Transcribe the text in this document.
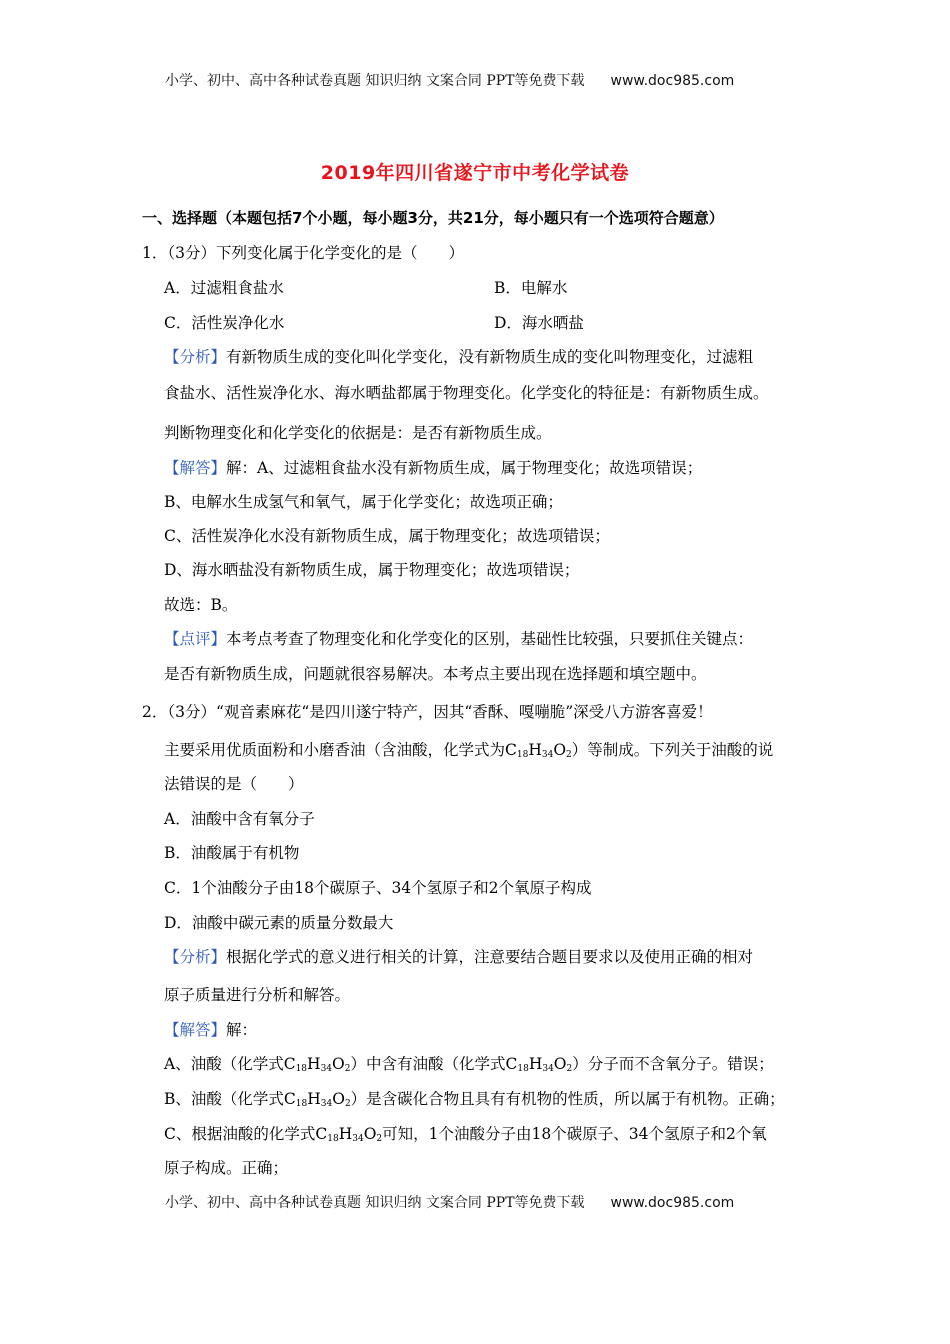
小学、初中、高中各种试卷真题 知识归纳 文案合同 PPT等免费下载 www.doc985.com
2019年四川省遂宁市中考化学试卷
一、选择题（本题包括7个小题，每小题3分，共21分，每小题只有一个选项符合题意）
1．（3分）下列变化属于化学变化的是（　　）
A．过滤粗食盐水	B．电解水
C．活性炭净化水	D．海水晒盐
【分析】有新物质生成的变化叫化学变化，没有新物质生成的变化叫物理变化，过滤粗
食盐水、活性炭净化水、海水晒盐都属于物理变化。化学变化的特征是：有新物质生成。
判断物理变化和化学变化的依据是：是否有新物质生成。
【解答】解：A、过滤粗食盐水没有新物质生成，属于物理变化；故选项错误；
B、电解水生成氢气和氧气，属于化学变化；故选项正确；
C、活性炭净化水没有新物质生成，属于物理变化；故选项错误；
D、海水晒盐没有新物质生成，属于物理变化；故选项错误；
故选：B。
【点评】本考点考查了物理变化和化学变化的区别，基础性比较强，只要抓住关键点：
是否有新物质生成，问题就很容易解决。本考点主要出现在选择题和填空题中。
2．（3分）“观音素麻花“是四川遂宁特产，因其“香酥、嘎嘣脆”深受八方游客喜爱！
主要采用优质面粉和小磨香油（含油酸，化学式为$C_{18}H_{34}O_2$）等制成。下列关于油酸的说
法错误的是（　　）
A．油酸中含有氧分子
B．油酸属于有机物
C．1个油酸分子由18个碳原子、34个氢原子和2个氧原子构成
D．油酸中碳元素的质量分数最大
【分析】根据化学式的意义进行相关的计算，注意要结合题目要求以及使用正确的相对
原子质量进行分析和解答。
【解答】解：
A、油酸（化学式$C_{18}H_{34}O_2$）中含有油酸（化学式$C_{18}H_{34}O_2$）分子而不含氧分子。错误；
B、油酸（化学式$C_{18}H_{34}O_2$）是含碳化合物且具有有机物的性质，所以属于有机物。正确；
C、根据油酸的化学式$C_{18}H_{34}O_2$可知，1个油酸分子由18个碳原子、34个氢原子和2个氧
原子构成。正确；
小学、初中、高中各种试卷真题 知识归纳 文案合同 PPT等免费下载 www.doc985.com
